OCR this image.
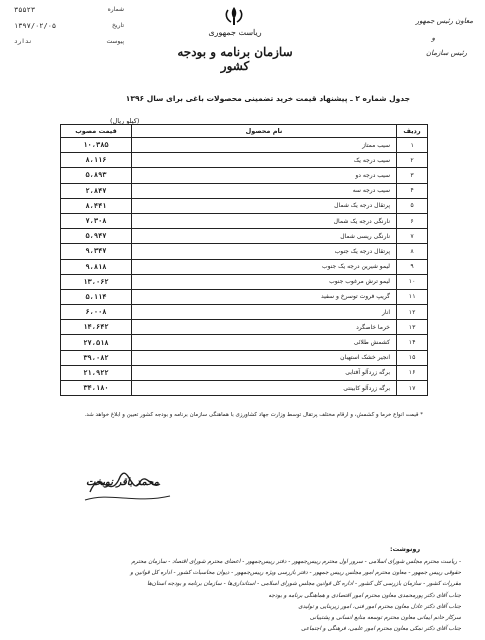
ریاست جمهوری
سازمان برنامه و بودجه کشور
شماره
۳۵۵۲۳
تاریخ
۱۳۹۷/۰۲/۰۵
پیوست
ندارد
معاون رئیس جمهور
و
رئیس سازمان
جدول شماره ۲ ـ پیشنهاد قیمت خرید تضمینی محصولات باغی برای سال ۱۳۹۶
(کیلو ریال)
ردیف	نام محصول	قیمت مصوب
۱	سیب ممتاز	۱۰،۳۸۵
۲	سیب درجه یک	۸،۱۱۶
۳	سیب درجه دو	۵،۸۹۳
۴	سیب درجه سه	۲،۸۴۷
۵	پرتقال درجه یک شمال	۸،۴۴۱
۶	نارنگی درجه یک شمال	۷،۳۰۸
۷	نارنگی ریسی شمال	۵،۹۴۷
۸	پرتقال درجه یک جنوب	۹،۳۴۷
۹	لیمو شیرین درجه یک جنوب	۹،۸۱۸
۱۰	لیمو ترش مرغوب جنوب	۱۳،۰۶۲
۱۱	گریپ فروت توسرخ و سفید	۵،۱۱۴
۱۲	انار	۶،۰۰۸
۱۳	خرما خاصگرد	۱۴،۶۴۲
۱۴	کشمش طلائی	۲۷،۵۱۸
۱۵	انجیر خشک استهبان	۳۹،۰۸۲
۱۶	برگه زردآلو آفتابی	۲۱،۹۲۲
۱۷	برگه زردآلو کابینتی	۳۴،۱۸۰
* قیمت انواع خرما و کشمش، و ارقام مختلف پرتقال توسط وزارت جهاد کشاورزی با هماهنگی سازمان برنامه و بودجه کشور تعیین و ابلاغ خواهد شد.
محمد باقر نوبخت
رونوشت:
- ریاست محترم مجلس شورای اسلامی - سرور اول محترم رییس‌جمهور - دفتر رییس‌جمهور - اعضای محترم شورای اقتصاد - سازمان محترم
حقوقی رییس جمهور - معاون محترم امور مجلس رییس جمهور - دفتر بازرسی ویژه رییس‌جمهور - دیوان محاسبات کشور - اداره کل قوانین و
مقررات کشور - سازمان بازرسی کل کشور - اداره کل قوانین مجلس شورای اسلامی - استانداری‌ها - سازمان برنامه و بودجه استان‌ها
جناب آقای دکتر پورمحمدی معاون محترم امور اقتصادی و هماهنگی برنامه و بودجه
جناب آقای دکتر عادل معاون محترم امور فنی، امور زیربنایی و تولیدی
سرکار خانم ایمانی معاون محترم توسعه منابع انسانی و پشتیبانی
جناب آقای دکتر نمکی معاون محترم امور علمی، فرهنگی و اجتماعی
